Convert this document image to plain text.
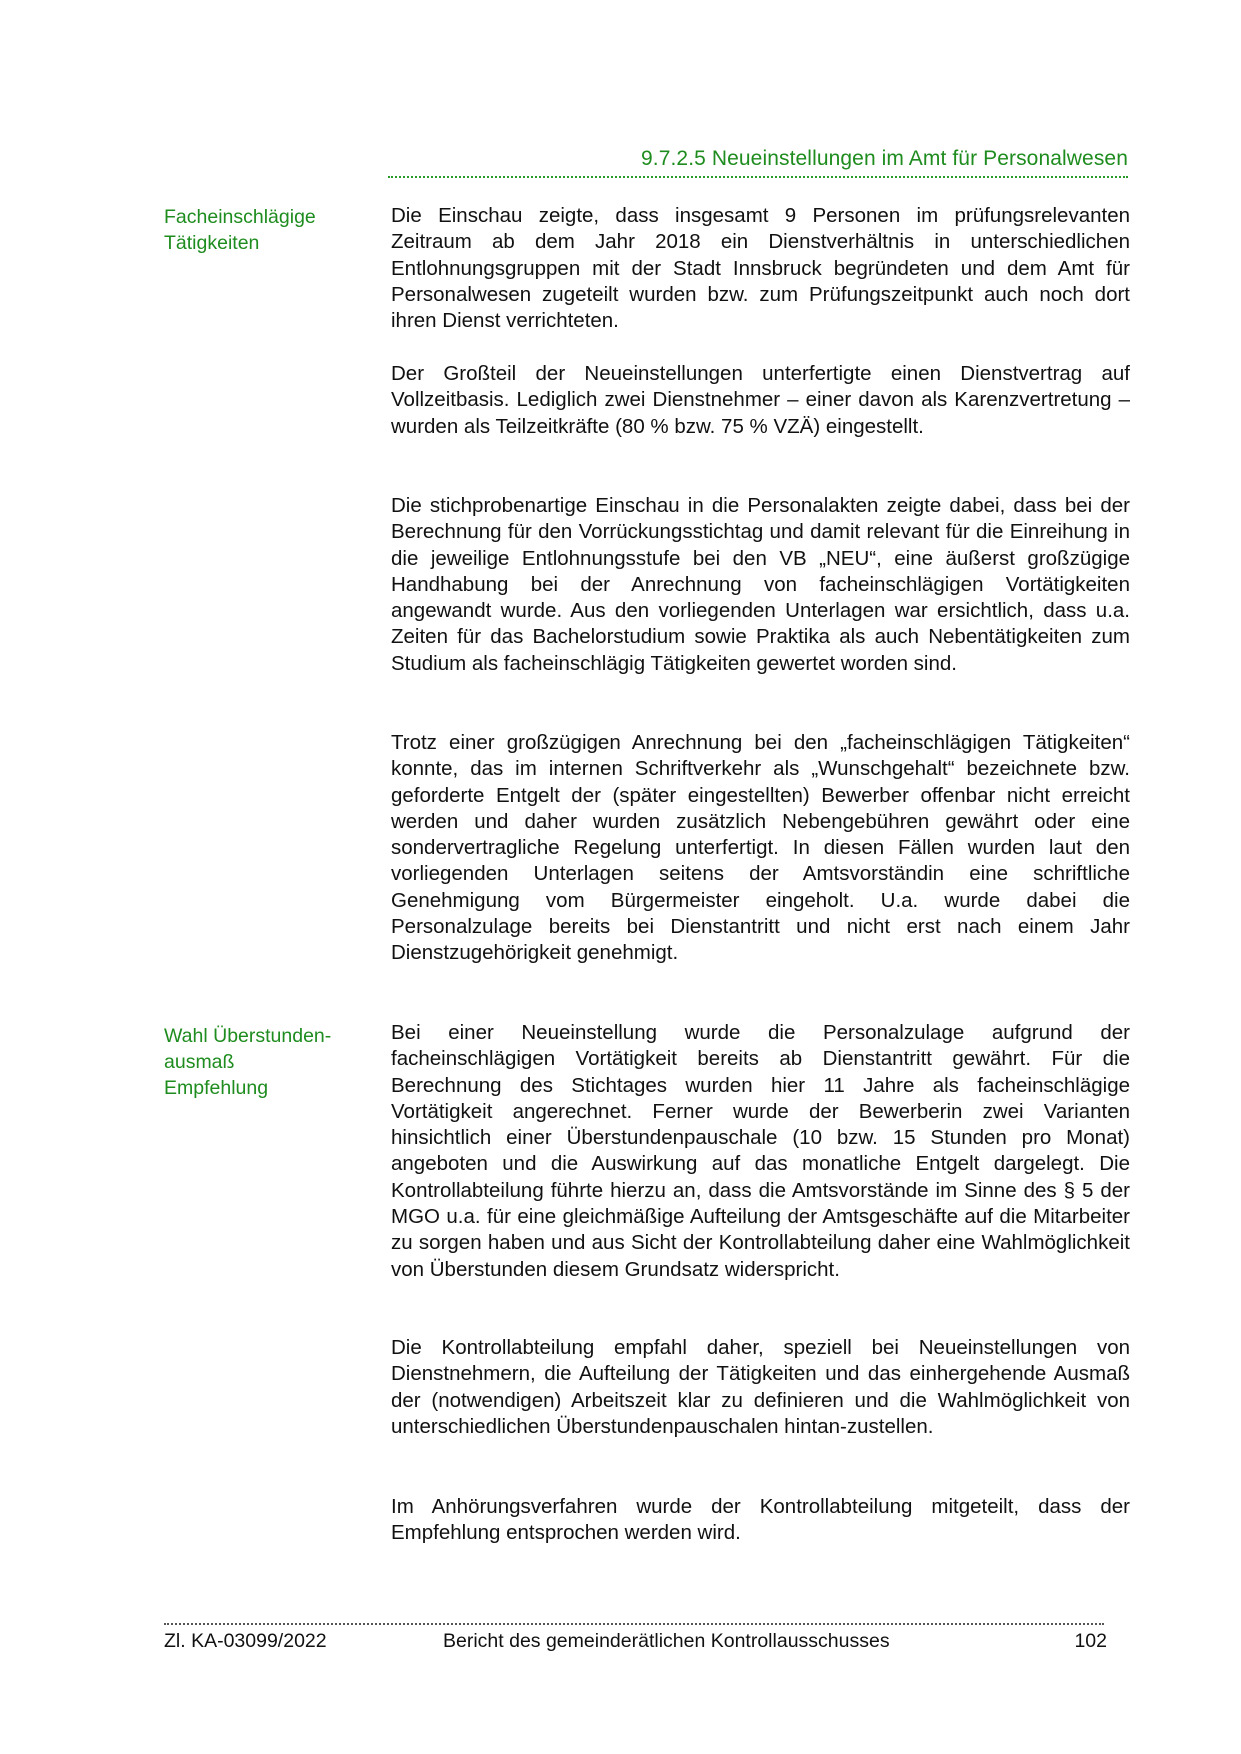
9.7.2.5 Neueinstellungen im Amt für Personalwesen
Facheinschlägige
Tätigkeiten
Wahl Überstunden-
ausmaß
Empfehlung

Die Einschau zeigte, dass insgesamt 9 Personen im prüfungsrelevanten Zeitraum ab dem Jahr 2018 ein Dienstverhältnis in unterschiedlichen Entlohnungsgruppen mit der Stadt Innsbruck begründeten und dem Amt für Personalwesen zugeteilt wurden bzw. zum Prüfungszeitpunkt auch noch dort ihren Dienst verrichteten.

Der Großteil der Neueinstellungen unterfertigte einen Dienstvertrag auf Vollzeitbasis. Lediglich zwei Dienstnehmer – einer davon als Karenzvertretung – wurden als Teilzeitkräfte (80 % bzw. 75 % VZÄ) eingestellt.

Die stichprobenartige Einschau in die Personalakten zeigte dabei, dass bei der Berechnung für den Vorrückungsstichtag und damit relevant für die Einreihung in die jeweilige Entlohnungsstufe bei den VB „NEU“, eine äußerst großzügige Handhabung bei der Anrechnung von facheinschlägigen Vortätigkeiten angewandt wurde. Aus den vorliegenden Unterlagen war ersichtlich, dass u.a. Zeiten für das Bachelorstudium sowie Praktika als auch Nebentätigkeiten zum Studium als facheinschlägig Tätigkeiten gewertet worden sind.

Trotz einer großzügigen Anrechnung bei den „facheinschlägigen Tätigkeiten“ konnte, das im internen Schriftverkehr als „Wunschgehalt“ bezeichnete bzw. geforderte Entgelt der (später eingestellten) Bewerber offenbar nicht erreicht werden und daher wurden zusätzlich Nebengebühren gewährt oder eine sondervertragliche Regelung unterfertigt. In diesen Fällen wurden laut den vorliegenden Unterlagen seitens der Amtsvorständin eine schriftliche Genehmigung vom Bürgermeister eingeholt. U.a. wurde dabei die Personalzulage bereits bei Dienstantritt und nicht erst nach einem Jahr Dienstzugehörigkeit genehmigt.

Bei einer Neueinstellung wurde die Personalzulage aufgrund der facheinschlägigen Vortätigkeit bereits ab Dienstantritt gewährt. Für die Berechnung des Stichtages wurden hier 11 Jahre als facheinschlägige Vortätigkeit angerechnet. Ferner wurde der Bewerberin zwei Varianten hinsichtlich einer Überstundenpauschale (10 bzw. 15 Stunden pro Monat) angeboten und die Auswirkung auf das monatliche Entgelt dargelegt. Die Kontrollabteilung führte hierzu an, dass die Amtsvorstände im Sinne des § 5 der MGO u.a. für eine gleichmäßige Aufteilung der Amtsgeschäfte auf die Mitarbeiter zu sorgen haben und aus Sicht der Kontrollabteilung daher eine Wahlmöglichkeit von Überstunden diesem Grundsatz widerspricht.

Die Kontrollabteilung empfahl daher, speziell bei Neueinstellungen von Dienstnehmern, die Aufteilung der Tätigkeiten und das einhergehende Ausmaß der (notwendigen) Arbeitszeit klar zu definieren und die Wahlmöglichkeit von unterschiedlichen Überstundenpauschalen hintan-zustellen.

Im Anhörungsverfahren wurde der Kontrollabteilung mitgeteilt, dass der Empfehlung entsprochen werden wird.

Zl. KA-03099/2022	Bericht des gemeinderätlichen Kontrollausschusses	102
